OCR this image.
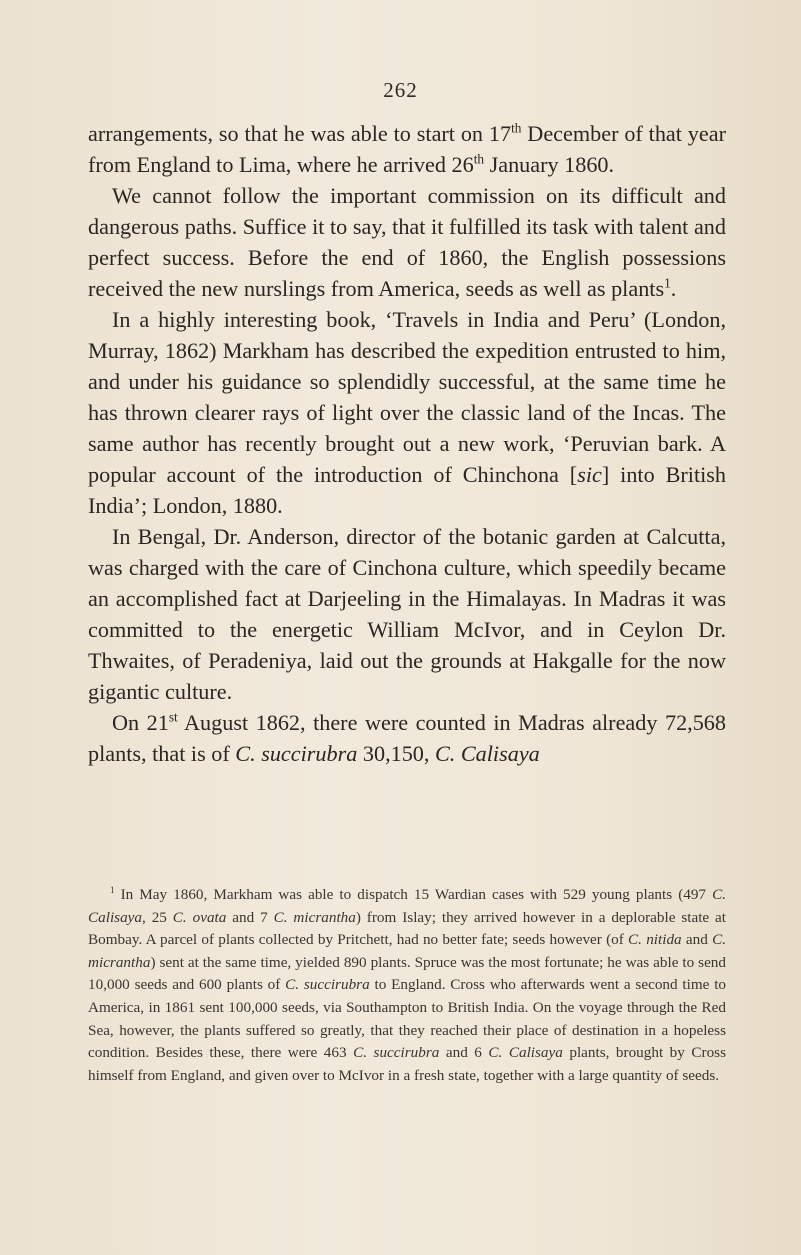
262

arrangements, so that he was able to start on 17th December of that year from England to Lima, where he arrived 26th January 1860.

We cannot follow the important commission on its difficult and dangerous paths. Suffice it to say, that it fulfilled its task with talent and perfect success. Before the end of 1860, the English possessions received the new nurslings from America, seeds as well as plants$^1$.

In a highly interesting book, ‘Travels in India and Peru’ (London, Murray, 1862) Markham has described the expedition entrusted to him, and under his guidance so splendidly successful, at the same time he has thrown clearer rays of light over the classic land of the Incas. The same author has recently brought out a new work, ‘Peruvian bark. A popular account of the introduction of Chinchona [sic] into British India’; London, 1880.

In Bengal, Dr. Anderson, director of the botanic garden at Calcutta, was charged with the care of Cinchona culture, which speedily became an accomplished fact at Darjeeling in the Himalayas. In Madras it was committed to the energetic William McIvor, and in Ceylon Dr. Thwaites, of Peradeniya, laid out the grounds at Hakgalle for the now gigantic culture.

On 21st August 1862, there were counted in Madras already 72,568 plants, that is of C. succirubra 30,150, C. Calisaya

$^1$ In May 1860, Markham was able to dispatch 15 Wardian cases with 529 young plants (497 C. Calisaya, 25 C. ovata and 7 C. micrantha) from Islay; they arrived however in a deplorable state at Bombay. A parcel of plants collected by Pritchett, had no better fate; seeds however (of C. nitida and C. micrantha) sent at the same time, yielded 890 plants. Spruce was the most fortunate; he was able to send 10,000 seeds and 600 plants of C. succirubra to England. Cross who afterwards went a second time to America, in 1861 sent 100,000 seeds, via Southampton to British India. On the voyage through the Red Sea, however, the plants suffered so greatly, that they reached their place of destination in a hopeless condition. Besides these, there were 463 C. succirubra and 6 C. Calisaya plants, brought by Cross himself from England, and given over to McIvor in a fresh state, together with a large quantity of seeds.
